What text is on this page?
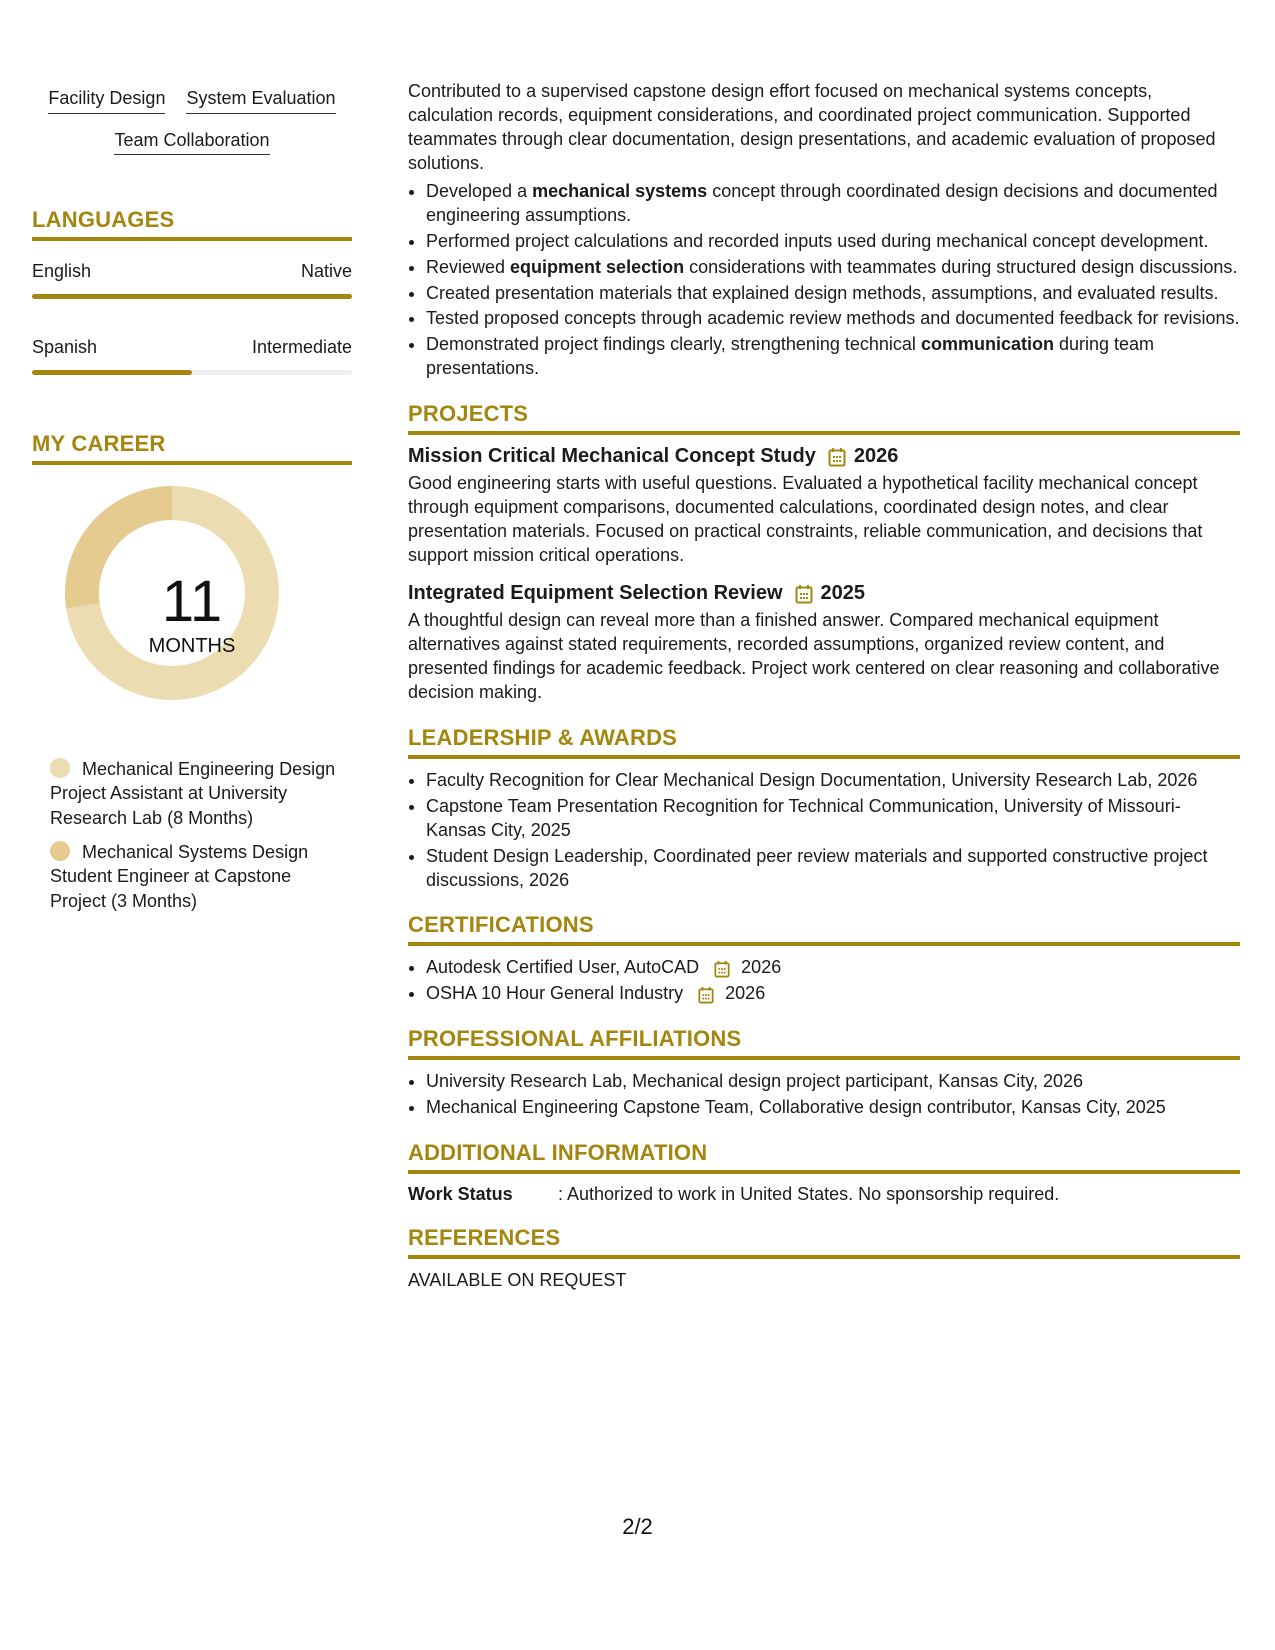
Facility Design System Evaluation
Team Collaboration
LANGUAGES
English	Native
Spanish	Intermediate
MY CAREER
11
MONTHS
Mechanical Engineering Design Project Assistant at University Research Lab (8 Months)
Mechanical Systems Design Student Engineer at Capstone Project (3 Months)

Contributed to a supervised capstone design effort focused on mechanical systems concepts, calculation records, equipment considerations, and coordinated project communication. Supported teammates through clear documentation, design presentations, and academic evaluation of proposed solutions.

• Developed a mechanical systems concept through coordinated design decisions and documented engineering assumptions.
• Performed project calculations and recorded inputs used during mechanical concept development.
• Reviewed equipment selection considerations with teammates during structured design discussions.
• Created presentation materials that explained design methods, assumptions, and evaluated results.
• Tested proposed concepts through academic review methods and documented feedback for revisions.
• Demonstrated project findings clearly, strengthening technical communication during team presentations.
PROJECTS
Mission Critical Mechanical Concept Study 2026

Good engineering starts with useful questions. Evaluated a hypothetical facility mechanical concept through equipment comparisons, documented calculations, coordinated design notes, and clear presentation materials. Focused on practical constraints, reliable communication, and decisions that support mission critical operations.

Integrated Equipment Selection Review 2025

A thoughtful design can reveal more than a finished answer. Compared mechanical equipment alternatives against stated requirements, recorded assumptions, organized review content, and presented findings for academic feedback. Project work centered on clear reasoning and collaborative decision making.

LEADERSHIP & AWARDS
• Faculty Recognition for Clear Mechanical Design Documentation, University Research Lab, 2026
• Capstone Team Presentation Recognition for Technical Communication, University of Missouri-Kansas City, 2025
• Student Design Leadership, Coordinated peer review materials and supported constructive project discussions, 2026
CERTIFICATIONS
• Autodesk Certified User, AutoCAD 2026
• OSHA 10 Hour General Industry 2026
PROFESSIONAL AFFILIATIONS
• University Research Lab, Mechanical design project participant, Kansas City, 2026
• Mechanical Engineering Capstone Team, Collaborative design contributor, Kansas City, 2025
ADDITIONAL INFORMATION
Work Status	: Authorized to work in United States. No sponsorship required.
REFERENCES
AVAILABLE ON REQUEST
2/2
